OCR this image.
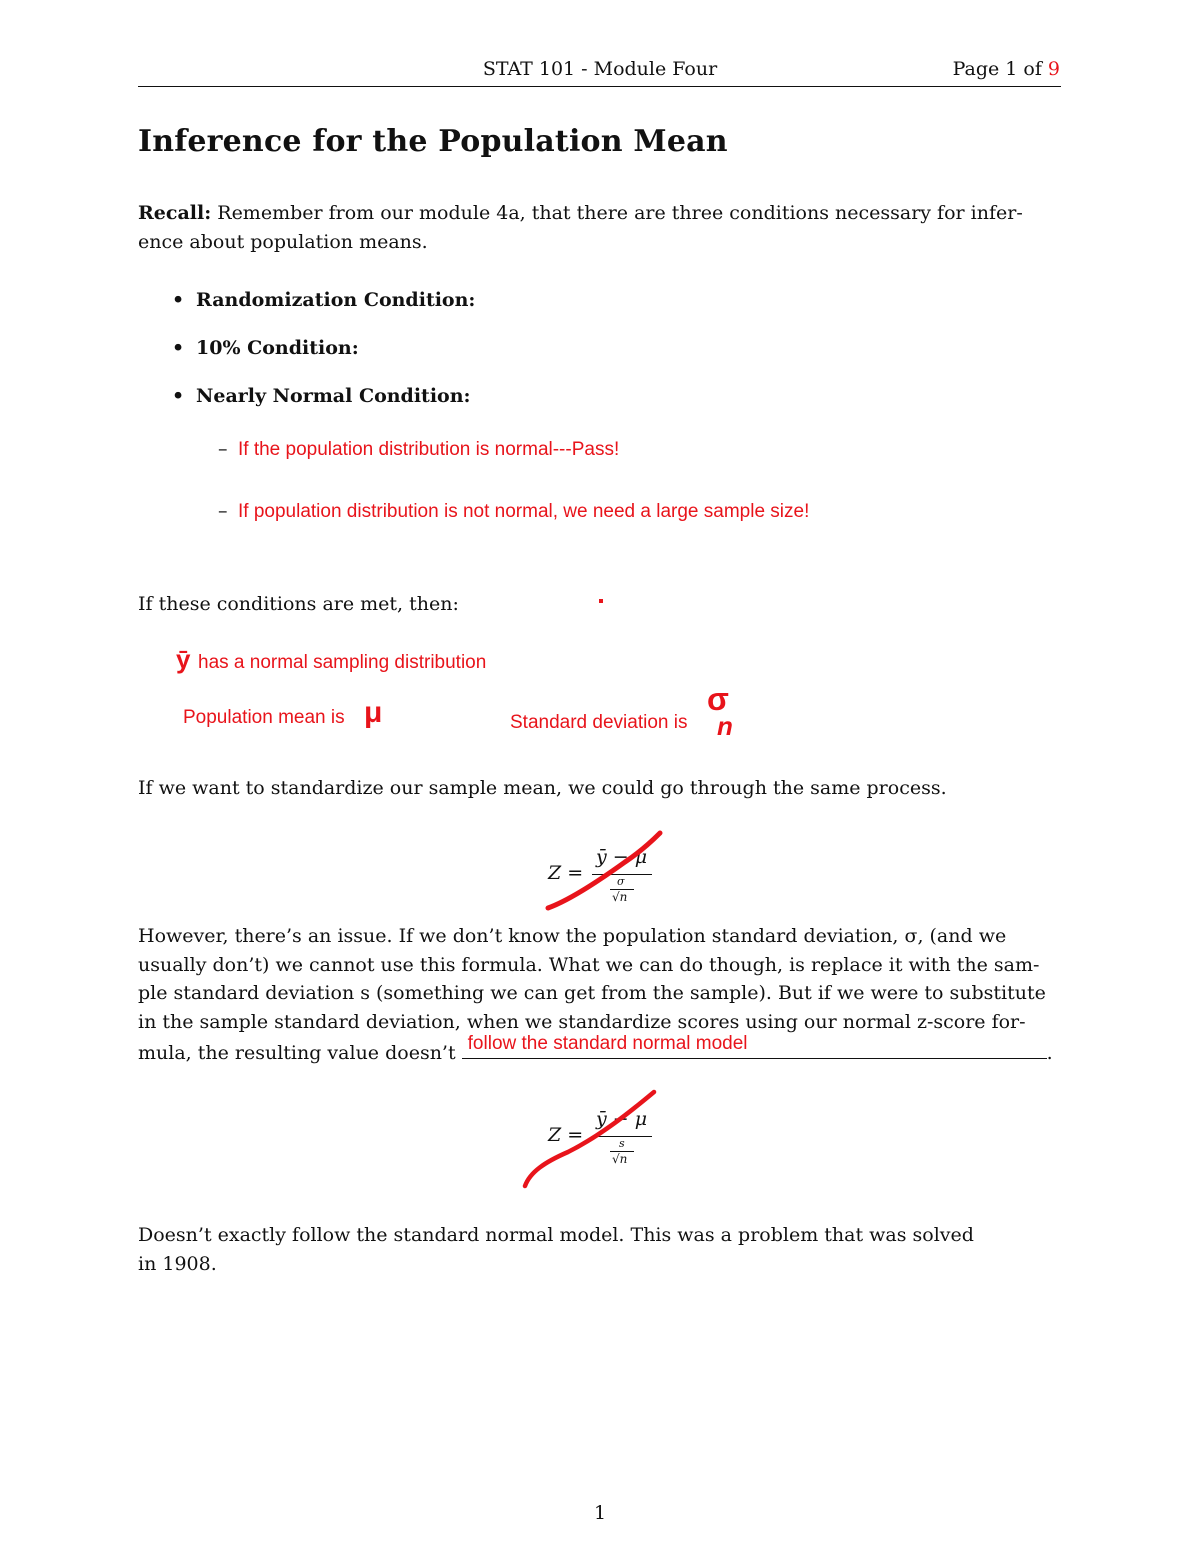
STAT 101 - Module Four	Page 1 of 9
Inference for the Population Mean
Recall: Remember from our module 4a, that there are three conditions necessary for infer-
ence about population means.
• Randomization Condition:
• 10% Condition:
• Nearly Normal Condition:
– If the population distribution is normal---Pass!
– If population distribution is not normal, we need a large sample size!
If these conditions are met, then:
ȳ has a normal sampling distribution
Population mean is μ	Standard deviation is
σ
n
If we want to standardize our sample mean, we could go through the same process.
Z =
ȳ − μ
σ
√n
However, there’s an issue. If we don’t know the population standard deviation, σ, (and we
usually don’t) we cannot use this formula. What we can do though, is replace it with the sam-
ple standard deviation s (something we can get from the sample). But if we were to substitute
in the sample standard deviation, when we standardize scores using our normal z-score for-
mula, the resulting value doesn’t follow the standard normal model	.
Z =
ȳ − μ
s
√n
Doesn’t exactly follow the standard normal model. This was a problem that was solved
in 1908.
1
